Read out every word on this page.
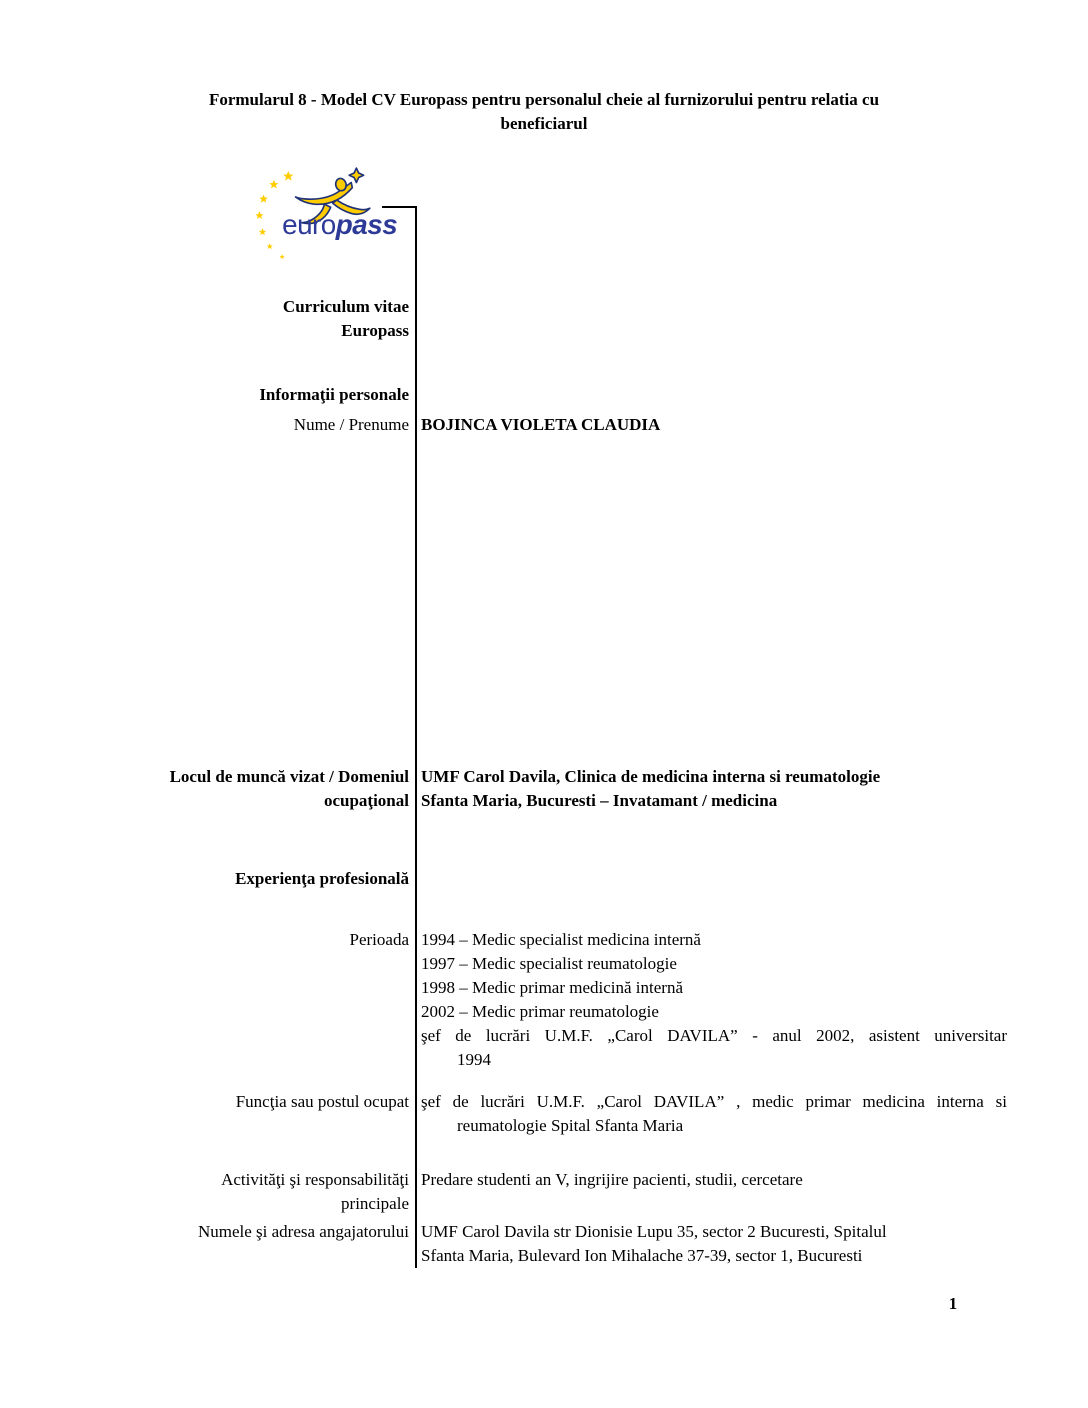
Formularul 8 - Model CV Europass pentru personalul cheie al furnizorului pentru relatia cu
beneficiarul
europass
Curriculum vitae
Europass
Informaţii personale
Nume / Prenume BOJINCA VIOLETA CLAUDIA
Locul de muncă vizat / Domeniul
ocupaţional
UMF Carol Davila, Clinica de medicina interna si reumatologie
Sfanta Maria, Bucuresti – Invatamant / medicina
Experienţa profesională
Perioada 1994 – Medic specialist medicina internă
1997 – Medic specialist reumatologie
1998 – Medic primar medicină internă
2002 – Medic primar reumatologie
şef de lucrări U.M.F. „Carol DAVILA” - anul 2002, asistent universitar
1994
Funcţia sau postul ocupat şef de lucrări U.M.F. „Carol DAVILA” , medic primar medicina interna si
reumatologie Spital Sfanta Maria
Activităţi şi responsabilităţi
principale
Predare studenti an V, ingrijire pacienti, studii, cercetare
Numele şi adresa angajatorului UMF Carol Davila str Dionisie Lupu 35, sector 2 Bucuresti, Spitalul
Sfanta Maria, Bulevard Ion Mihalache 37-39, sector 1, Bucuresti
1
